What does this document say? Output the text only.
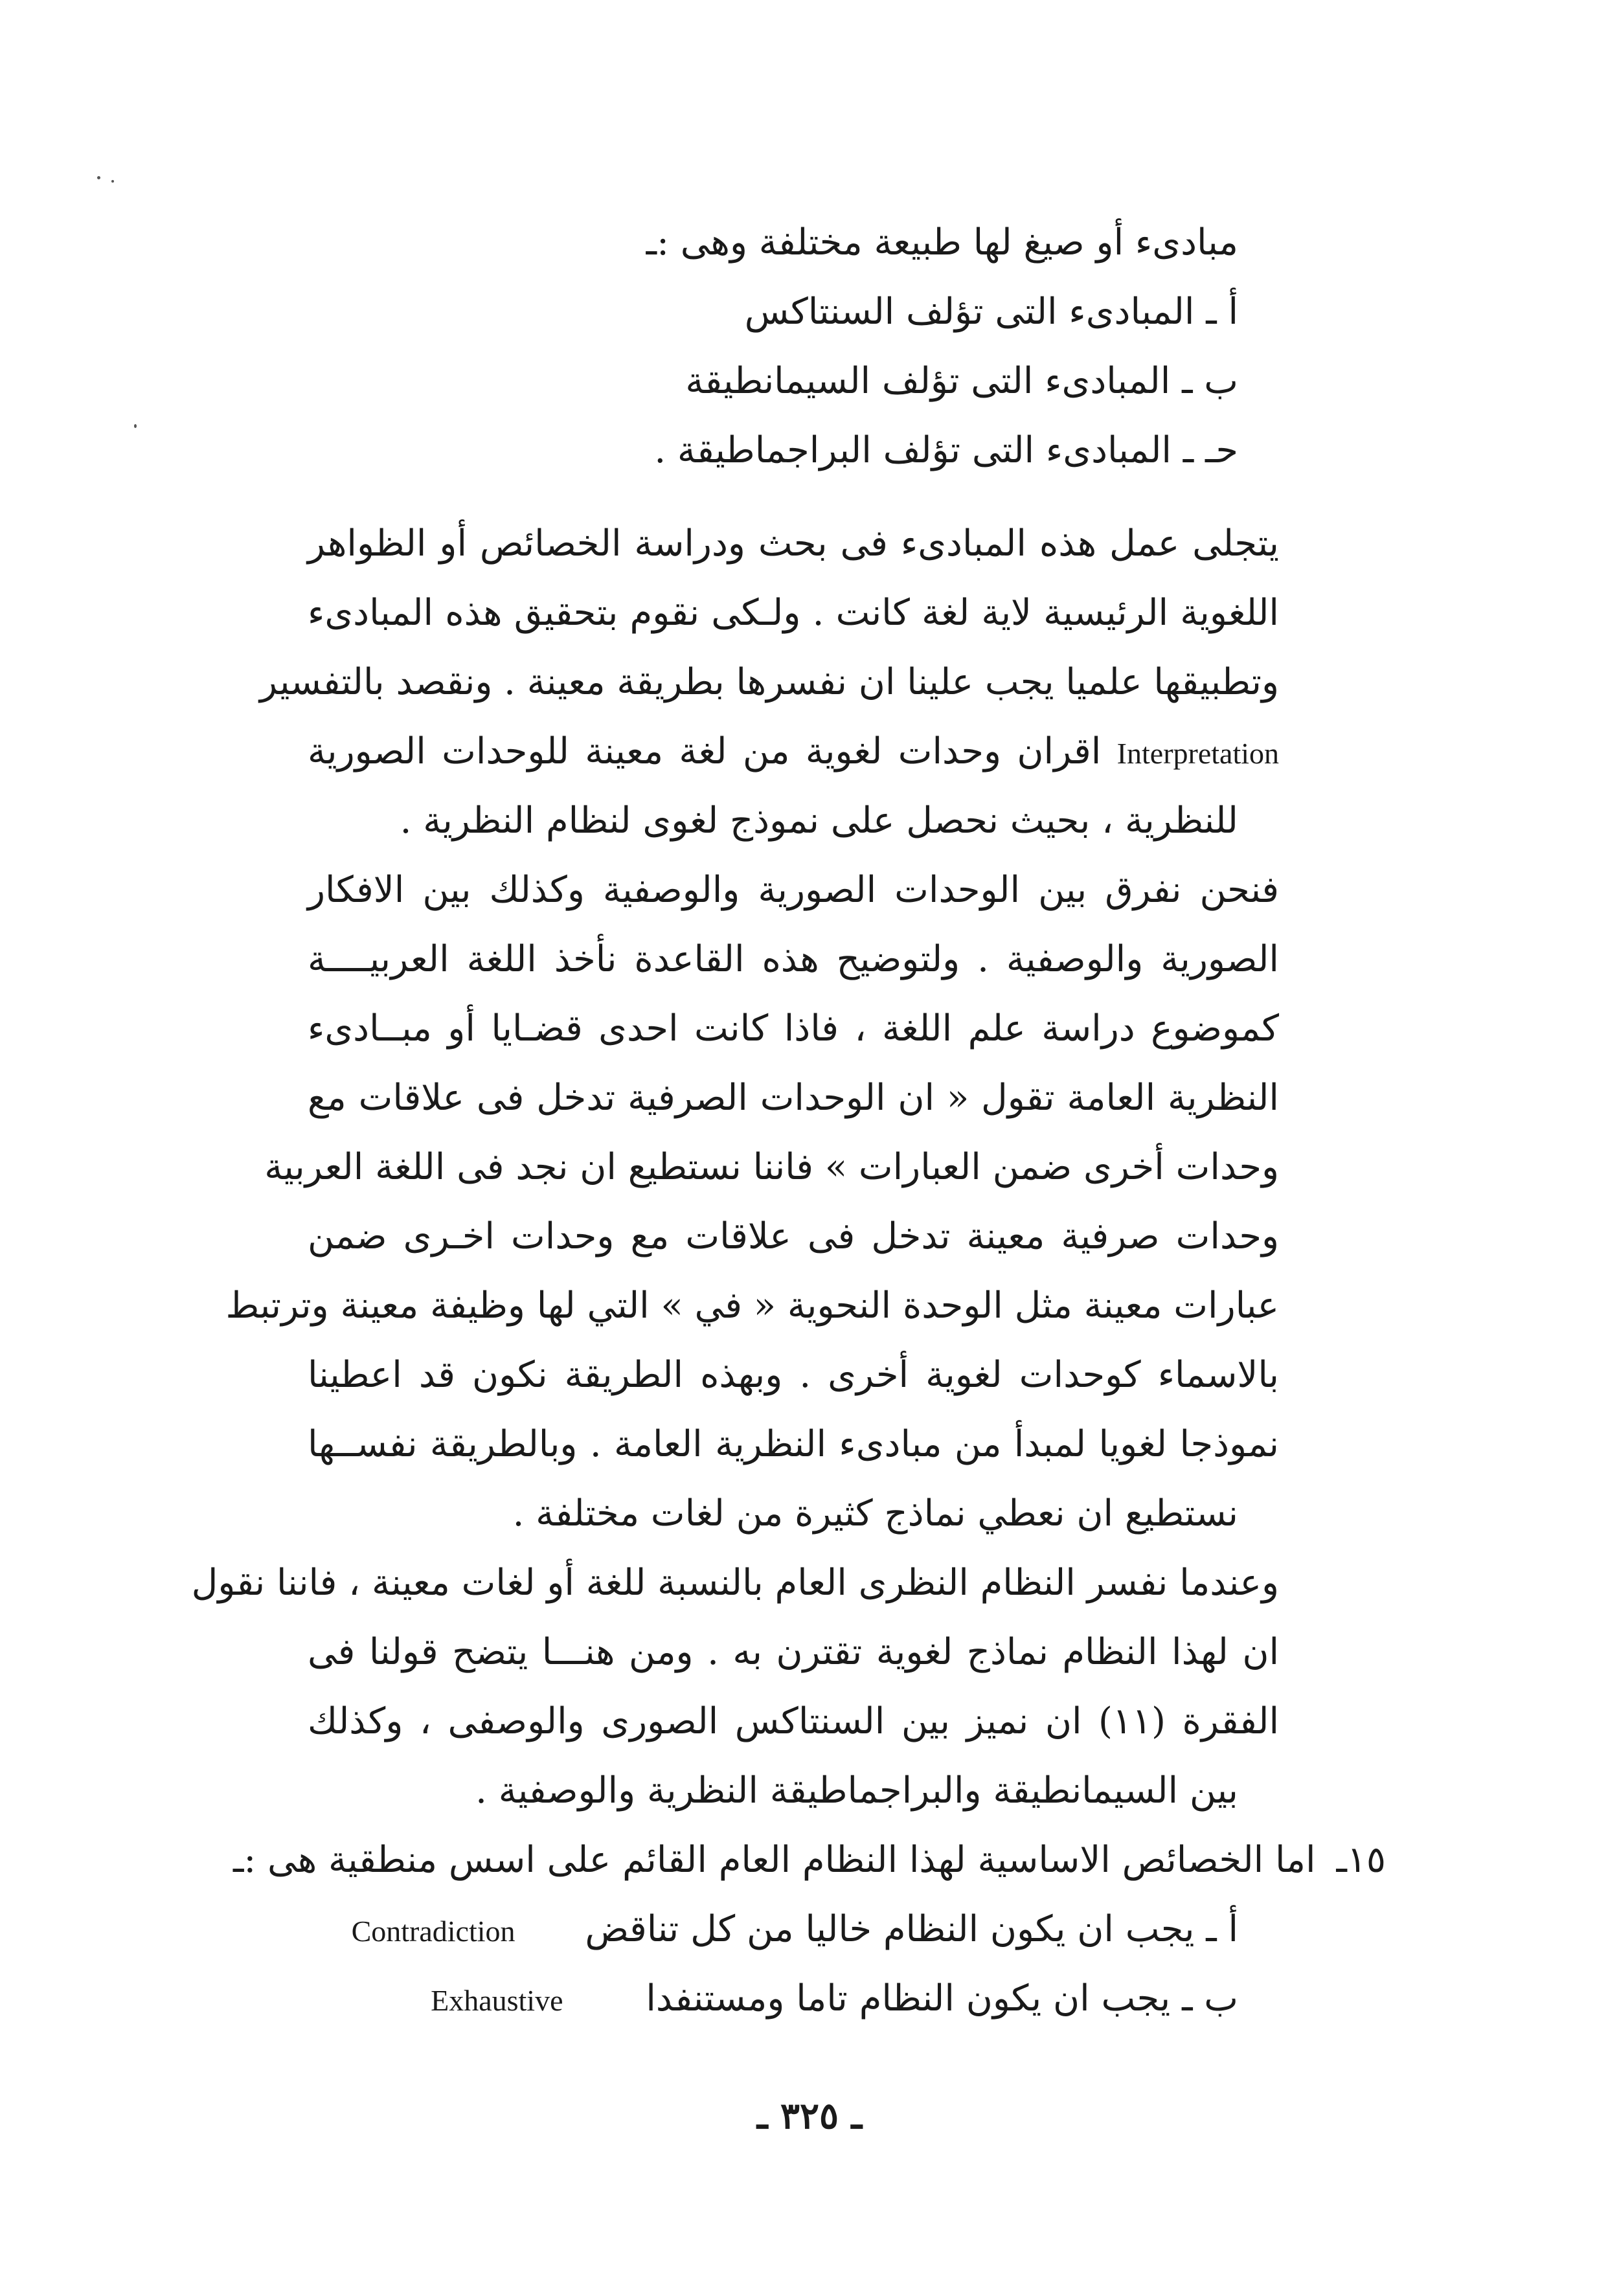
مبادىء أو صيغ لها طبيعة مختلفة وهى :ـ
أ ـ المبادىء التى تؤلف السنتاكس
ب ـ المبادىء التى تؤلف السيمانطيقة
حـ ـ المبادىء التى تؤلف البراجماطيقة .
يتجلى عمل هذه المبادىء فى بحث ودراسة الخصائص أو الظواهر
اللغوية الرئيسية لاية لغة كانت . ولـكى نقوم بتحقيق هذه المبادىء
وتطبيقها علميا يجب علينا ان نفسرها بطريقة معينة . ونقصد بالتفسير
Interpretation اقران وحدات لغوية من لغة معينة للوحدات الصورية
للنظرية ، بحيث نحصل على نموذج لغوى لنظام النظرية .
فنحن نفرق بين الوحدات الصورية والوصفية وكذلك بين الافكار
الصورية والوصفية . ولتوضيح هذه القاعدة نأخذ اللغة العربيــــة
كموضوع دراسة علم اللغة ، فاذا كانت احدى قضـايا أو مبــادىء
النظرية العامة تقول « ان الوحدات الصرفية تدخل فى علاقات مع
وحدات أخرى ضمن العبارات » فاننا نستطيع ان نجد فى اللغة العربية
وحدات صرفية معينة تدخل فى علاقات مع وحدات اخـرى ضمن
عبارات معينة مثل الوحدة النحوية « في » التي لها وظيفة معينة وترتبط
بالاسماء كوحدات لغوية أخرى . وبهذه الطريقة نكون قد اعطينا
نموذجا لغويا لمبدأ من مبادىء النظرية العامة . وبالطريقة نفســها
نستطيع ان نعطي نماذج كثيرة من لغات مختلفة .
وعندما نفسر النظام النظرى العام بالنسبة للغة أو لغات معينة ، فاننا نقول
ان لهذا النظام نماذج لغوية تقترن به . ومن هنـــا يتضح قولنا فى
الفقرة (١١) ان نميز بين السنتاكس الصورى والوصفى ، وكذلك
بين السيمانطيقة والبراجماطيقة النظرية والوصفية .
١٥ـ اما الخصائص الاساسية لهذا النظام العام القائم على اسس منطقية هى :ـ
أ ـ يجب ان يكون النظام خاليا من كل تناقض Contradiction
ب ـ يجب ان يكون النظام تاما ومستنفدا Exhaustive
ـ ٣٢٥ ـ
